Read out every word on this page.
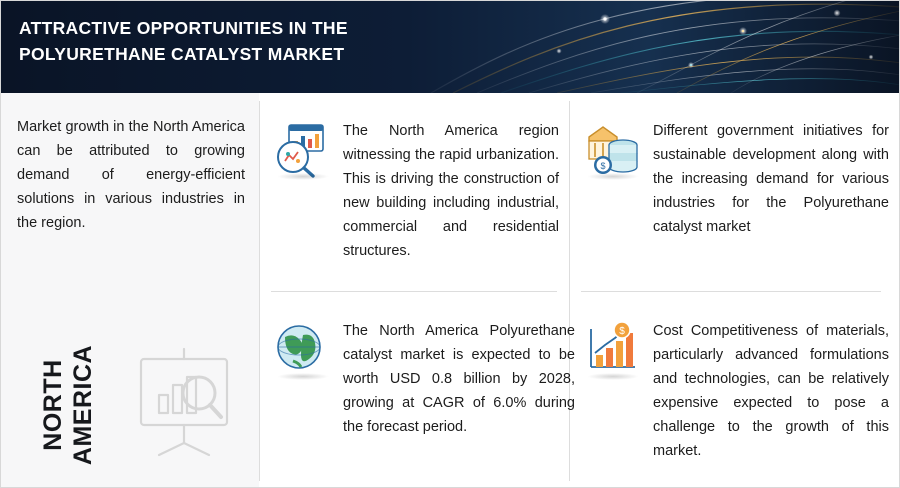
ATTRACTIVE OPPORTUNITIES IN THE POLYURETHANE CATALYST MARKET
Market growth in the North America can be attributed to growing demand of energy-efficient solutions in various industries in the region.
NORTH
AMERICA
The North America region witnessing the rapid urbanization. This is driving the construction of new building including industrial, commercial and residential structures.
$
Different government initiatives for sustainable development along with the increasing demand for various industries for the Polyurethane catalyst market
The North America Polyurethane catalyst market is expected to be worth USD 0.8 billion by 2028, growing at CAGR of 6.0% during the forecast period.
$ Cost Competitiveness of materials, particularly advanced formulations and technologies, can be relatively expensive expected to pose a challenge to the growth of this market.
